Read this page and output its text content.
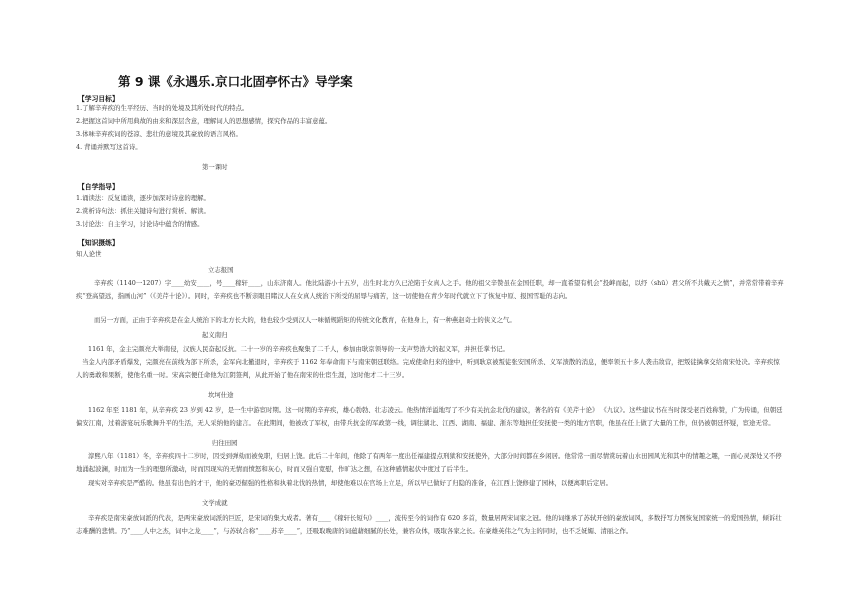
第 9 课《永遇乐.京口北固亭怀古》导学案
【学习目标】
1.了解辛弃疾的生平经历、当时的处境及其所处时代的特点。
2.把握这首词中所用典故的由来和深层含意，理解词人的思想感情，探究作品的丰富意蕴。
3.体味辛弃疾词的苍凉、悲壮的意境及其豪放的语言风格。
4. 背诵并默写这首诗。
第一课时
【自学指导】
1.诵读法：反复诵读，逐步加深对诗意的理解。
2.赏析诗句法：抓住关键诗句进行赏析、解读。
3.讨论法：自主学习，讨论诗中蕴含的情感。
【知识摄练】
知人论世
立志报国
辛弃疾（1140一1207）字____幼安____，号____稼轩____，山东济南人。他比陆游小十五岁，出生时北方久已沦陷于女真人之手。他的祖父辛赞虽在金国任职，却一直希望有机会“投衅而起，以纾（shū）君父所不共戴天之愤”，并常常带着辛弃疾“登高望远，指画山河”（《美芹十论》）。同时，辛弃疾也不断亲眼目睹汉人在女真人统治下所受的屈辱与痛苦，这一切使他在青少年时代就立下了恢复中原、报国雪耻的志向。
而另一方面，正由于辛弃疾是在金人统治下的北方长大的，他也较少受到汉人一味循规蹈矩的传统文化教育，在他身上，有一种燕赵奇士的侠义之气。
起义南归
1161 年，金主完颜亮大举南侵，汉族人民奋起反抗。二十一岁的辛弃疾也聚集了二千人，参加由耿京领导的一支声势浩大的起义军，并担任掌书记。
当金人内部矛盾爆发，完颜亮在前线为部下所杀，金军向北撤退时，辛弃疾于 1162 年奉命南下与南宋朝廷联络。完成使命归来的途中，听到耿京被叛徒张安国所杀、义军溃散的消息，便率领五十多人袭击敌营，把叛徒擒拿交给南宋处决。辛弃疾惊人的勇敢和果断，使他名重一时。宋高宗便任命他为江阴签判，从此开始了他在南宋的仕宦生涯，这时他才二十三岁。
坎坷仕途
1162 年至 1181 年，从辛弃疾 23 岁到 42 岁，是一生中游宦时期。这一时期的辛弃疾，雄心勃勃、壮志凌云。他热情洋溢地写了不少有关抗金北伐的建议，著名的有《美芹十论》 《九议》。这些建议书在当时深受老百姓称赞，广为传诵，但朝廷偏安江南，过着游宴玩乐歌舞升平的生活，无人采纳他的建言。 在此期间，他被改了军权，由带兵抗金的军政第一线，调往湖北、江西、湖南、福建、浙东等地担任安抚使一类的地方官职，他虽在任上做了大量的工作，但仍被朝廷怀疑，宦途无常。
归往田园
淳熙八年（1181）冬，辛弃疾四十二岁时，因受到弹劾而被免职，归居上饶。此后二十年间，他除了有两年一度出任福建提点刑狱和安抚使外，大部分时间都在乡闲居。他常常一面尽情赏玩着山水田园风光和其中的情趣之趣，一面心灵深处又不停地涌起波澜，时而为一生的理想所激动，时而因现实的无情而愤怒和灰心，时而又强自宽慰，作旷达之想，在这种感情起伏中度过了后半生。
现实对辛弃疾是严酷的。他虽有出色的才干，他的豪迈倔强的性格和执着北伐的热情，却使他难以在官场上立足，所以早已做好了归隐的准备，在江西上饶修建了园林，以便离职后定居。
文学成就
辛弃疾是南宋豪放词派的代表，是两宋豪放词派的巨匠，是宋词的集大成者。著有____《稼轩长短句》____，流传至今的词作有 620 多首，数量居两宋词家之冠。他的词继承了苏轼开创的豪放词风，多数抒写力图恢复国家统一的爱国热情，倾诉壮志难酬的悲愤。乃“____人中之杰，词中之龙____”，与苏轼合称“____苏辛____”，还吸取晚唐的词蕴藉细腻的长处，兼容众体，吸取各家之长。在豪雄英伟之气为主的同时，也不乏妩媚、清丽之作。
